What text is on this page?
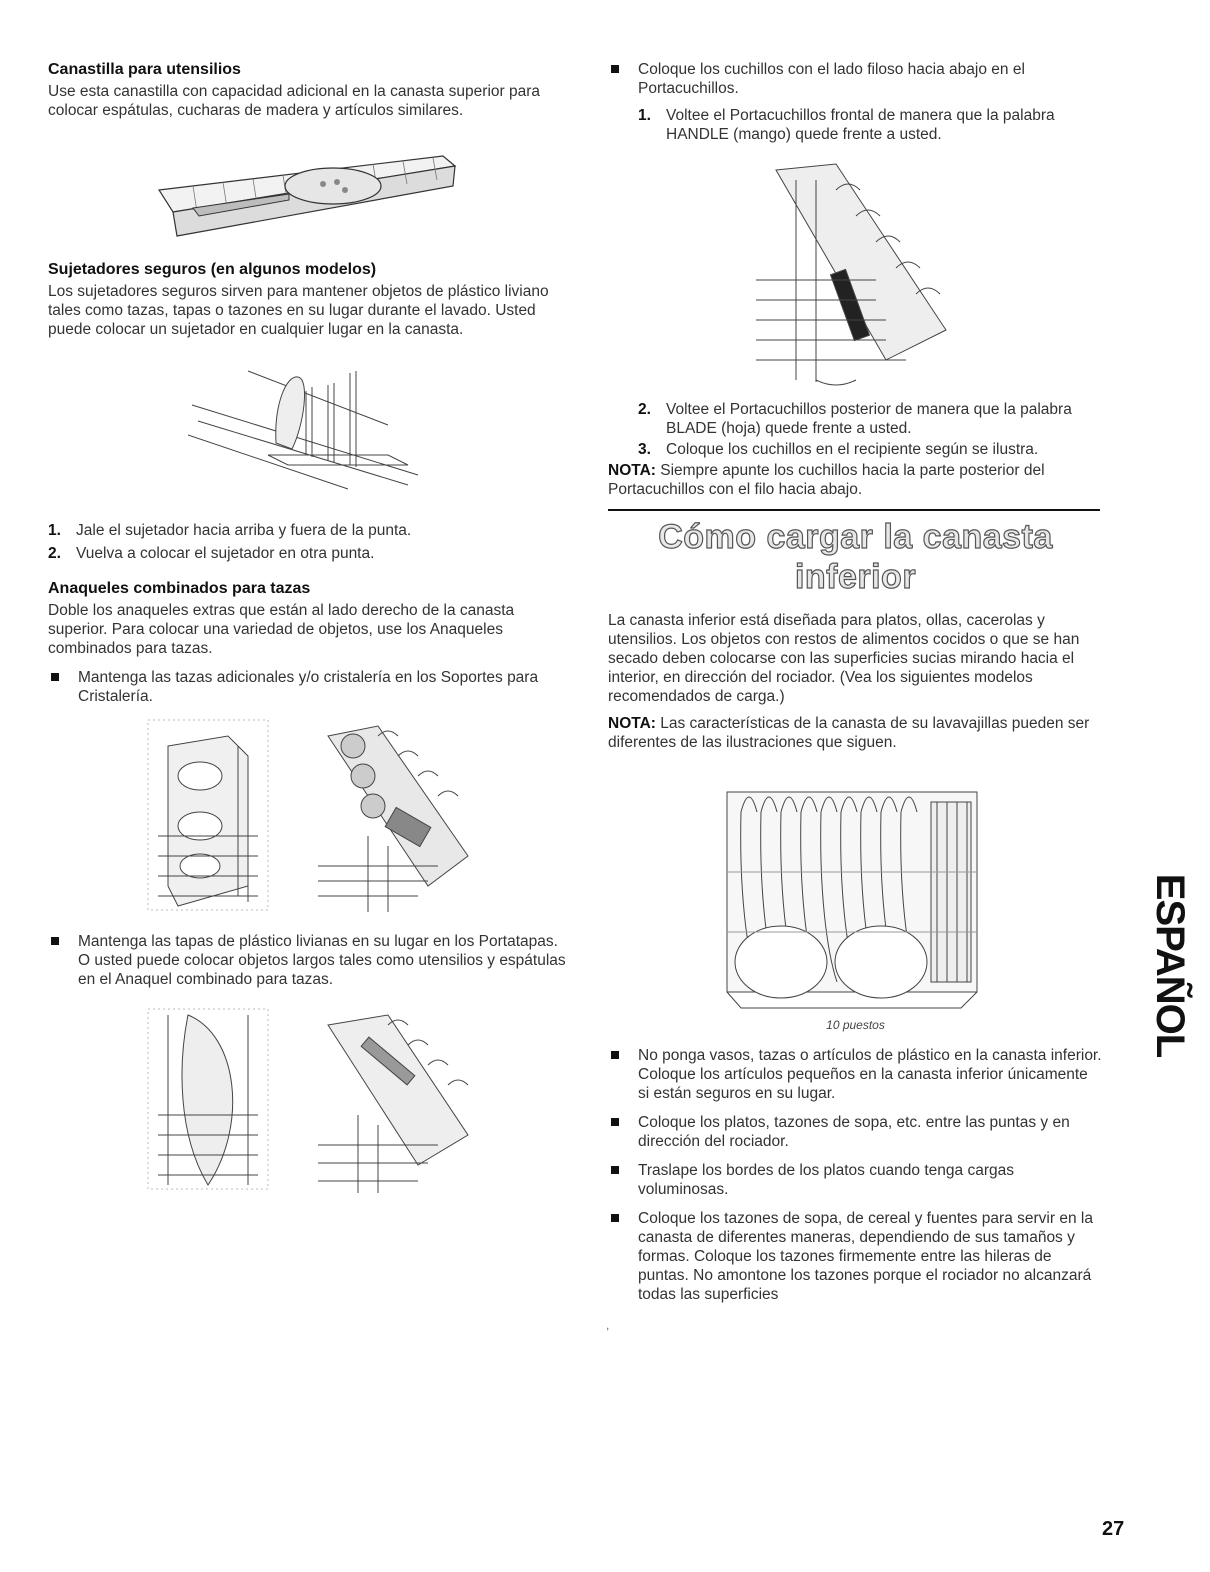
Canastilla para utensilios

Use esta canastilla con capacidad adicional en la canasta superior para colocar espátulas, cucharas de madera y artículos similares.

Sujetadores seguros (en algunos modelos)

Los sujetadores seguros sirven para mantener objetos de plástico liviano tales como tazas, tapas o tazones en su lugar durante el lavado. Usted puede colocar un sujetador en cualquier lugar en la canasta.

1. Jale el sujetador hacia arriba y fuera de la punta.

2. Vuelva a colocar el sujetador en otra punta.

Anaqueles combinados para tazas

Doble los anaqueles extras que están al lado derecho de la canasta superior. Para colocar una variedad de objetos, use los Anaqueles combinados para tazas.

Mantenga las tazas adicionales y/o cristalería en los Soportes para Cristalería.

Mantenga las tapas de plástico livianas en su lugar en los Portatapas. O usted puede colocar objetos largos tales como utensilios y espátulas en el Anaquel combinado para tazas.

Coloque los cuchillos con el lado filoso hacia abajo en el Portacuchillos.

1. Voltee el Portacuchillos frontal de manera que la palabra HANDLE (mango) quede frente a usted.

2. Voltee el Portacuchillos posterior de manera que la palabra BLADE (hoja) quede frente a usted.

3. Coloque los cuchillos en el recipiente según se ilustra.

NOTA: Siempre apunte los cuchillos hacia la parte posterior del Portacuchillos con el filo hacia abajo.

Cómo cargar la canasta inferior

La canasta inferior está diseñada para platos, ollas, cacerolas y utensilios. Los objetos con restos de alimentos cocidos o que se han secado deben colocarse con las superficies sucias mirando hacia el interior, en dirección del rociador. (Vea los siguientes modelos recomendados de carga.)

NOTA: Las características de la canasta de su lavavajillas pueden ser diferentes de las ilustraciones que siguen.

10 puestos

No ponga vasos, tazas o artículos de plástico en la canasta inferior. Coloque los artículos pequeños en la canasta inferior únicamente si están seguros en su lugar.

Coloque los platos, tazones de sopa, etc. entre las puntas y en dirección del rociador.

Traslape los bordes de los platos cuando tenga cargas voluminosas.

Coloque los tazones de sopa, de cereal y fuentes para servir en la canasta de diferentes maneras, dependiendo de sus tamaños y formas. Coloque los tazones firmemente entre las hileras de puntas. No amontone los tazones porque el rociador no alcanzará todas las superficies

,
ESPAÑOL
27
